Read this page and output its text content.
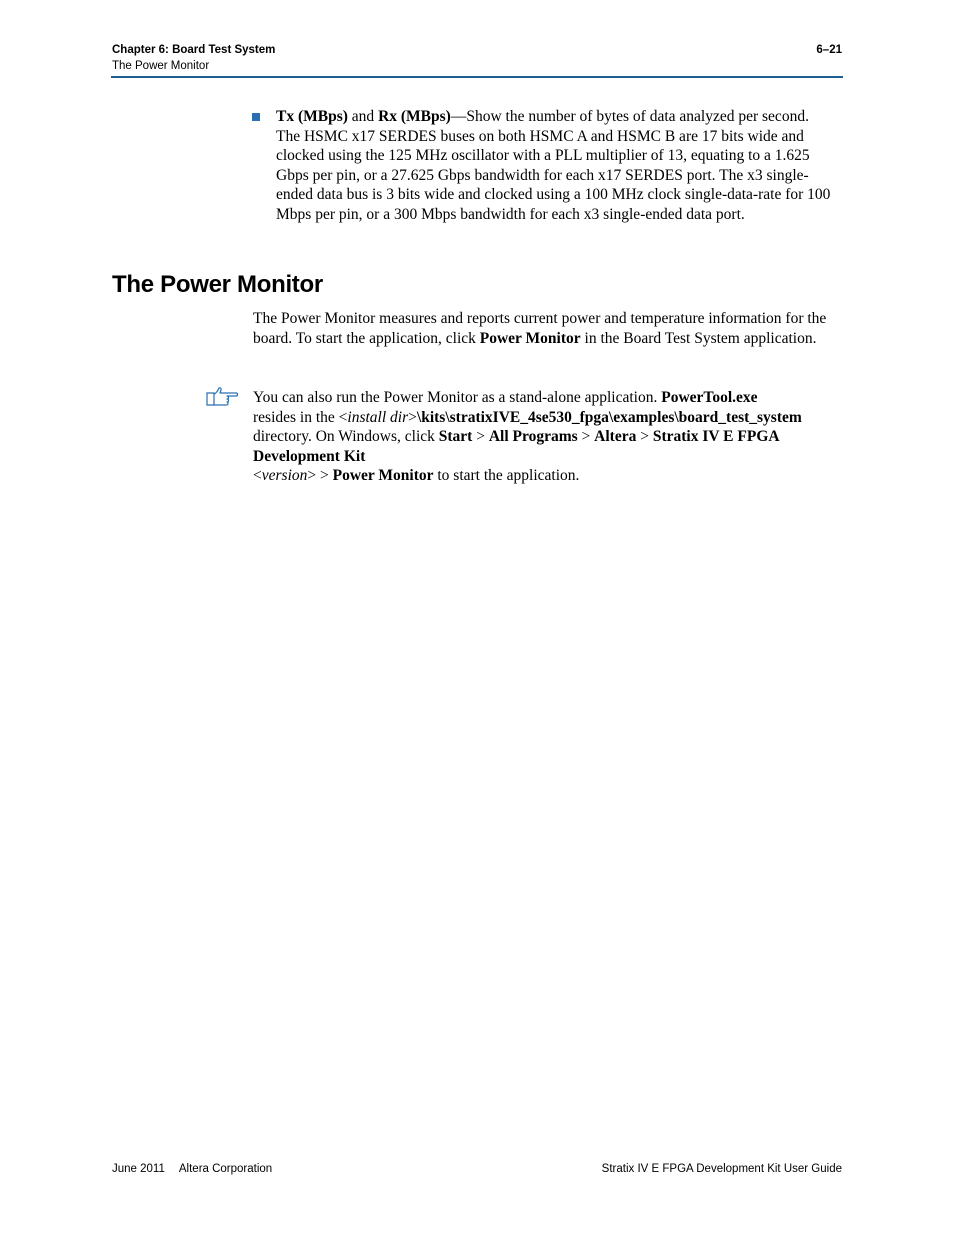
Chapter 6: Board Test System	6–21
The Power Monitor
Tx (MBps) and Rx (MBps)—Show the number of bytes of data analyzed per second. The HSMC x17 SERDES buses on both HSMC A and HSMC B are 17 bits wide and clocked using the 125 MHz oscillator with a PLL multiplier of 13, equating to a 1.625 Gbps per pin, or a 27.625 Gbps bandwidth for each x17 SERDES port. The x3 single-ended data bus is 3 bits wide and clocked using a 100 MHz clock single-data-rate for 100 Mbps per pin, or a 300 Mbps bandwidth for each x3 single-ended data port.
The Power Monitor

The Power Monitor measures and reports current power and temperature information for the board. To start the application, click Power Monitor in the Board Test System application.

You can also run the Power Monitor as a stand-alone application. PowerTool.exe
resides in the <install dir>\kits\stratixIVE_4se530_fpga\examples\board_test_system directory. On Windows, click Start > All Programs > Altera > Stratix IV E FPGA Development Kit
<version> > Power Monitor to start the application.

June 2011 Altera Corporation	Stratix IV E FPGA Development Kit User Guide
